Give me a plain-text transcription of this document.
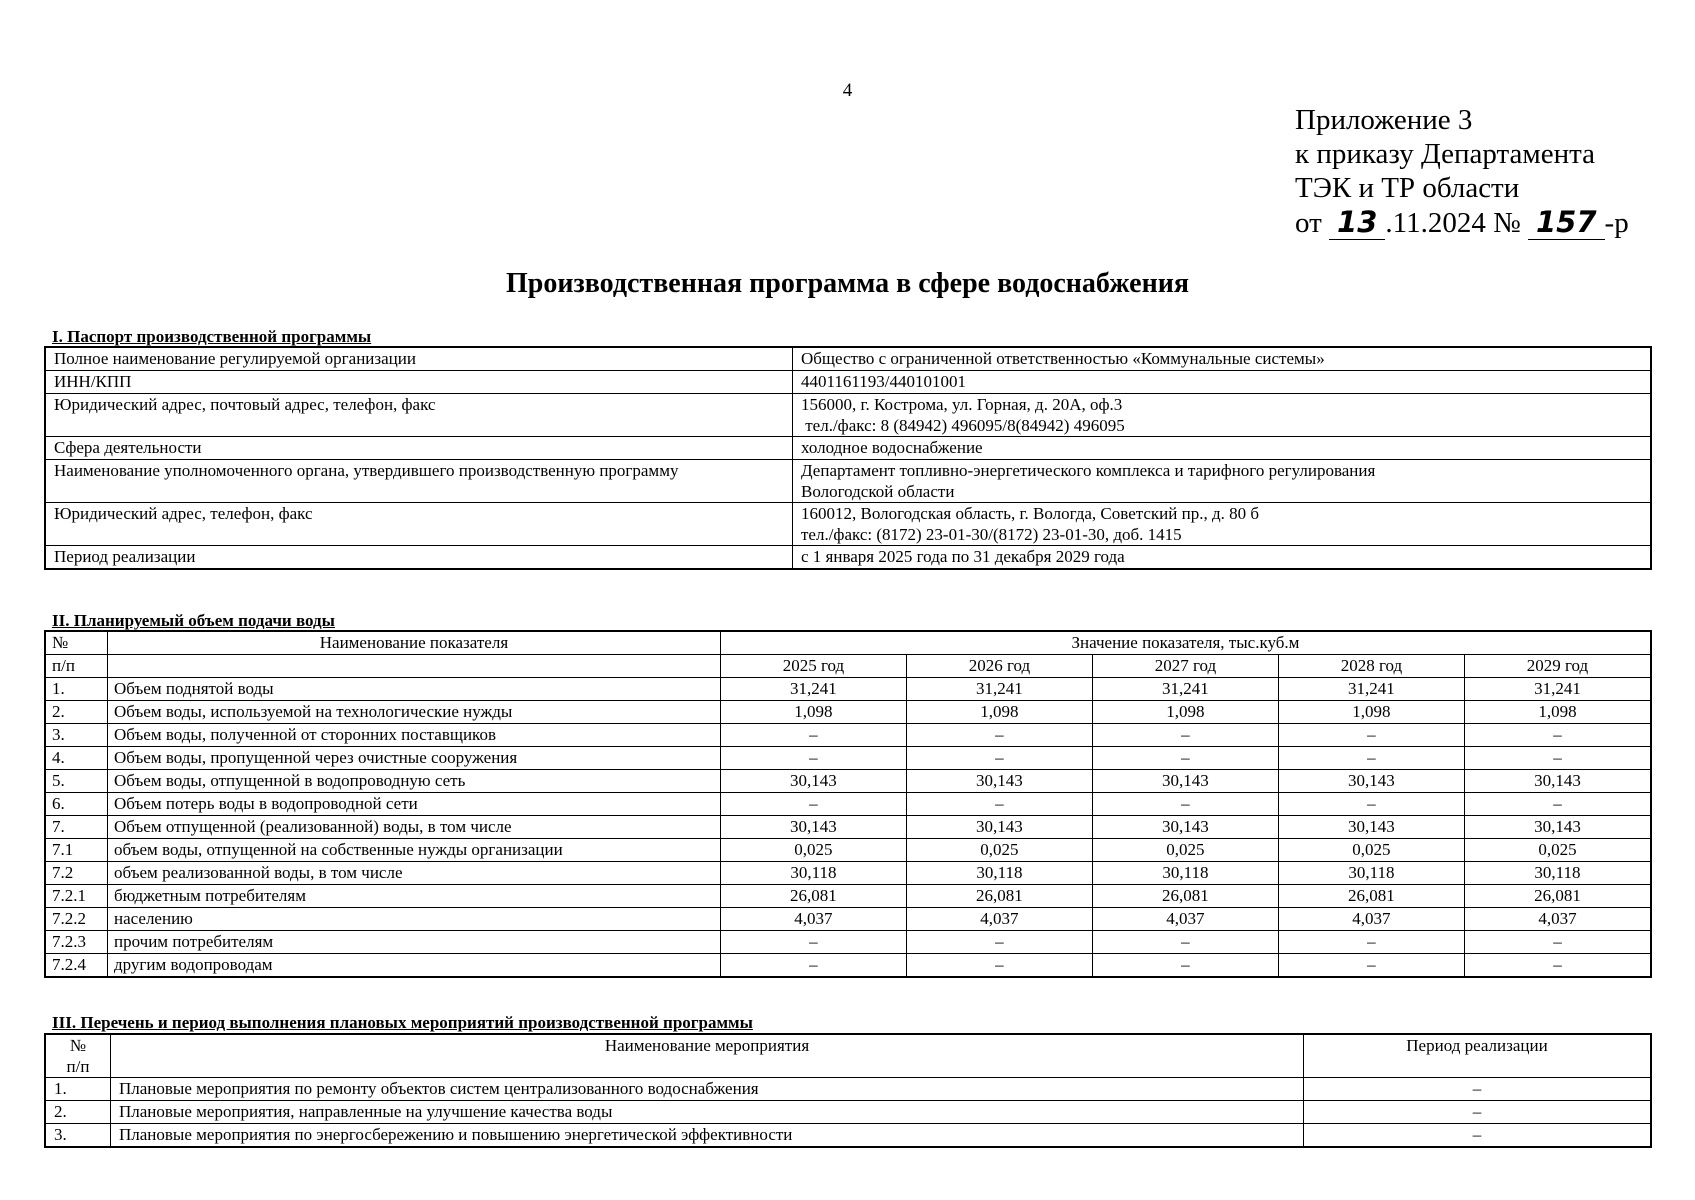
4
Приложение 3
к приказу Департамента
ТЭК и ТР области
от 13 .11.2024 № 157 -р
Производственная программа в сфере водоснабжения
I. Паспорт производственной программы
Полное наименование регулируемой организации	Общество с ограниченной ответственностью «Коммунальные системы»

ИНН/КПП	4401161193/440101001

Юридический адрес, почтовый адрес, телефон, факс	156000, г. Кострома, ул. Горная, д. 20А, оф.3
тел./факс: 8 (84942) 496095/8(84942) 496095

Сфера деятельности	холодное водоснабжение

Наименование уполномоченного органа, утвердившего производственную программу	Департамент топливно-энергетического комплекса и тарифного регулирования
Вологодской области

Юридический адрес, телефон, факс	160012, Вологодская область, г. Вологда, Советский пр., д. 80 б
тел./факс: (8172) 23-01-30/(8172) 23-01-30, доб. 1415

Период реализации	с 1 января 2025 года по 31 декабря 2029 года
II. Планируемый объем подачи воды
№	Наименование показателя	Значение показателя, тыс.куб.м				
п/п		2025 год	2026 год	2027 год	2028 год	2029 год
1.	Объем поднятой воды	31,241	31,241	31,241	31,241	31,241
2.	Объем воды, используемой на технологические нужды	1,098	1,098	1,098	1,098	1,098
3.	Объем воды, полученной от сторонних поставщиков	–	–	–	–	–
4.	Объем воды, пропущенной через очистные сооружения	–	–	–	–	–
5.	Объем воды, отпущенной в водопроводную сеть	30,143	30,143	30,143	30,143	30,143
6.	Объем потерь воды в водопроводной сети	–	–	–	–	–
7.	Объем отпущенной (реализованной) воды, в том числе	30,143	30,143	30,143	30,143	30,143
7.1	объем воды, отпущенной на собственные нужды организации	0,025	0,025	0,025	0,025	0,025
7.2	объем реализованной воды, в том числе	30,118	30,118	30,118	30,118	30,118
7.2.1	бюджетным потребителям	26,081	26,081	26,081	26,081	26,081
7.2.2	населению	4,037	4,037	4,037	4,037	4,037
7.2.3	прочим потребителям	–	–	–	–	–
7.2.4	другим водопроводам	–	–	–	–	–
III. Перечень и период выполнения плановых мероприятий производственной программы
№
п/п	Наименование мероприятия	Период реализации
1.	Плановые мероприятия по ремонту объектов систем централизованного водоснабжения	–
2.	Плановые мероприятия, направленные на улучшение качества воды	–
3.	Плановые мероприятия по энергосбережению и повышению энергетической эффективности	–
